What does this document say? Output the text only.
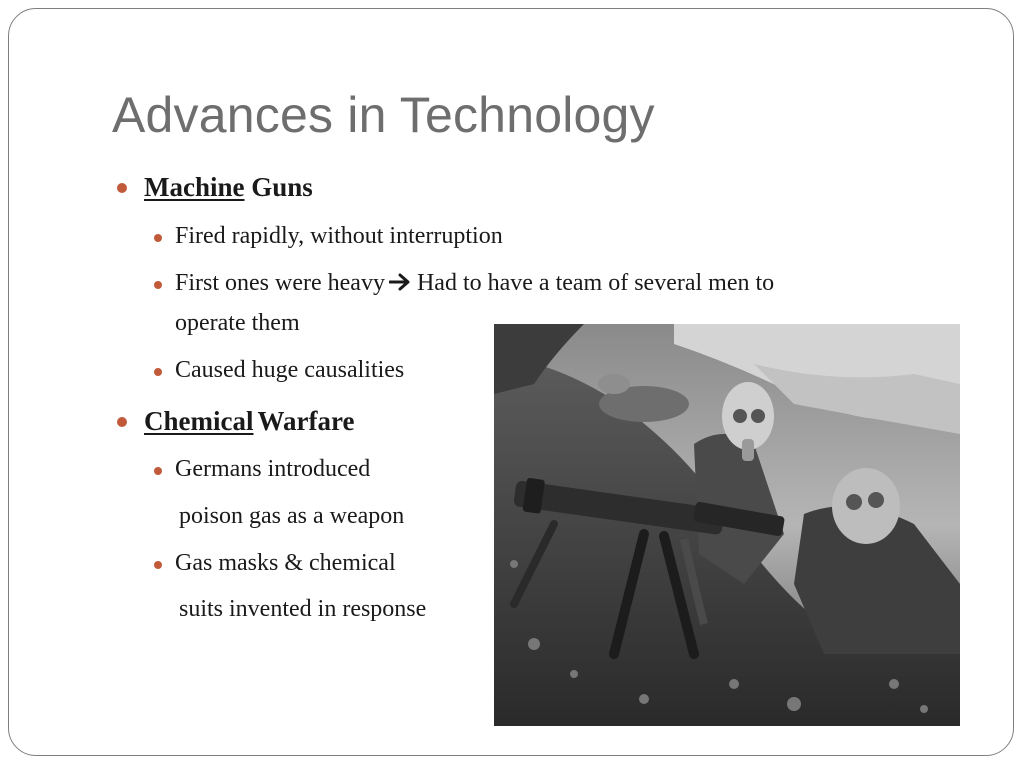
Advances in Technology
Machine Guns
Fired rapidly, without interruption
First ones were heavy Had to have a team of several men to
operate them
Caused huge causalities
Chemical Warfare
Germans introduced
poison gas as a weapon
Gas masks & chemical
suits invented in response
